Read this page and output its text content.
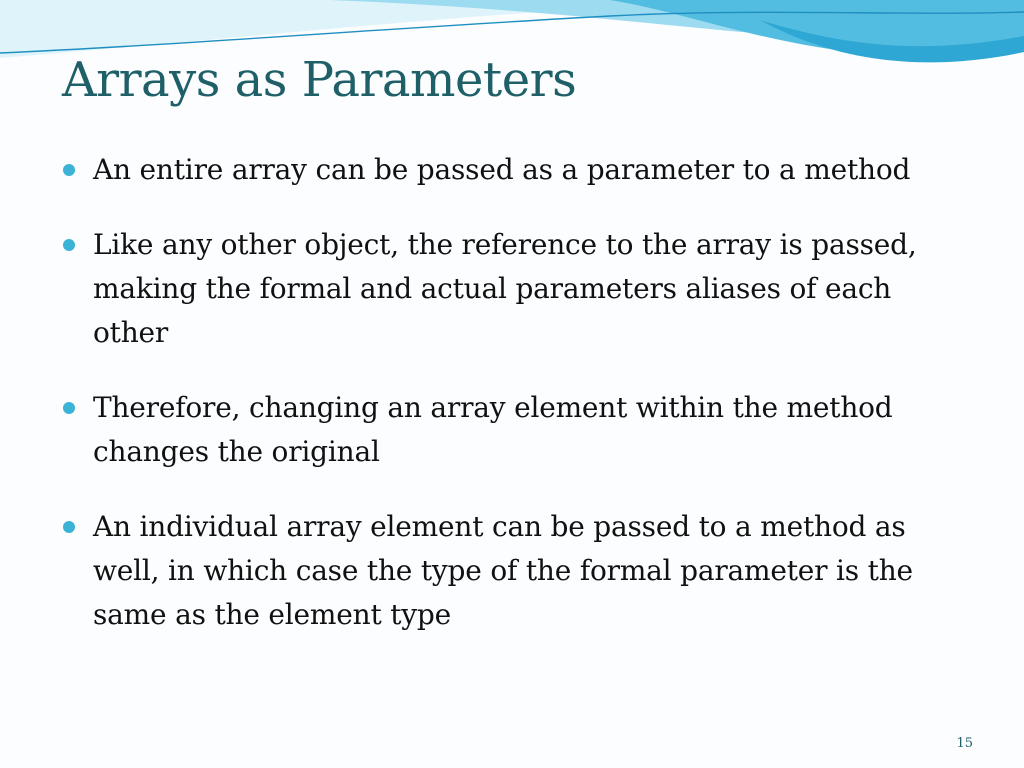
Arrays as Parameters
An entire array can be passed as a parameter to a method
Like any other object, the reference to the array is passed, making the formal and actual parameters aliases of each other
Therefore, changing an array element within the method changes the original
An individual array element can be passed to a method as well, in which case the type of the formal parameter is the same as the element type
15
